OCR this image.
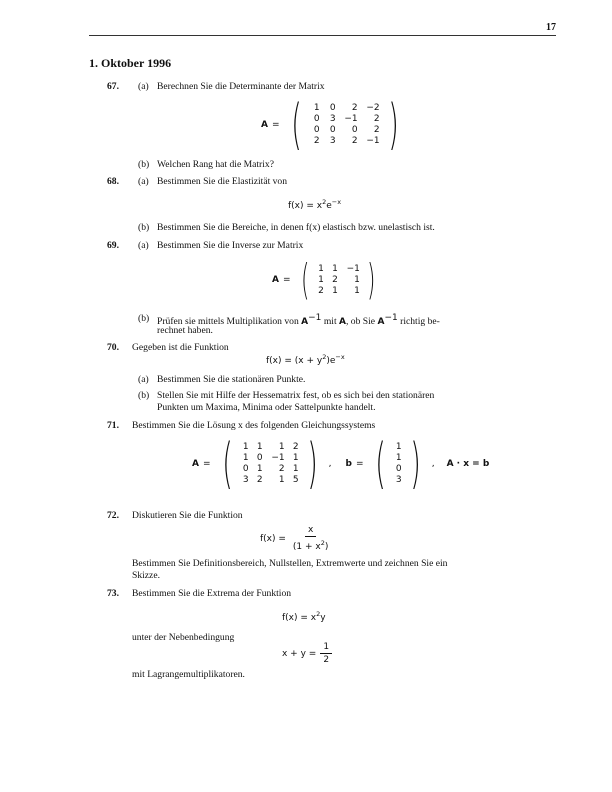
17
1. Oktober 1996
67. (a) Berechnen Sie die Determinante der Matrix
A = (	1	0	2 −2
0	3 −1	2
0	0	0	2
2	3	2 −1 )
(b) Welchen Rang hat die Matrix?
68. (a) Bestimmen Sie die Elastizität von
$f(x) = x^2e^{-x}$
(b) Bestimmen Sie die Bereiche, in denen f(x) elastisch bzw. unelastisch ist.
69. (a) Bestimmen Sie die Inverse zur Matrix
A = (	1 1 −1
1 2	1
2 1	1 )
(b) Prüfen sie mittels Multiplikation von $A^{-1}$ mit A, ob Sie $A^{-1}$ richtig be-
rechnet haben.
70. Gegeben ist die Funktion
$f(x) = (x + y^2)e^{-x}$
(a) Bestimmen Sie die stationären Punkte.
(b) Stellen Sie mit Hilfe der Hessematrix fest, ob es sich bei den stationären
Punkten um Maxima, Minima oder Sattelpunkte handelt.
71. Bestimmen Sie die Lösung x des folgenden Gleichungssystems
A = (	1 1	1 2
1 0 −1 1
0 1	2 1
3 2	1 5 ) , b = (	1
1
0
3 ) , A · x = b
72. Diskutieren Sie die Funktion
$f(x) = \frac{x}{(1 + x^2)}$
Bestimmen Sie Definitionsbereich, Nullstellen, Extremwerte und zeichnen Sie ein
Skizze.
73. Bestimmen Sie die Extrema der Funktion
$f(x) = x^2y$
unter der Nebenbedingung
$x + y = \frac{1}{2}$
mit Lagrangemultiplikatoren.
